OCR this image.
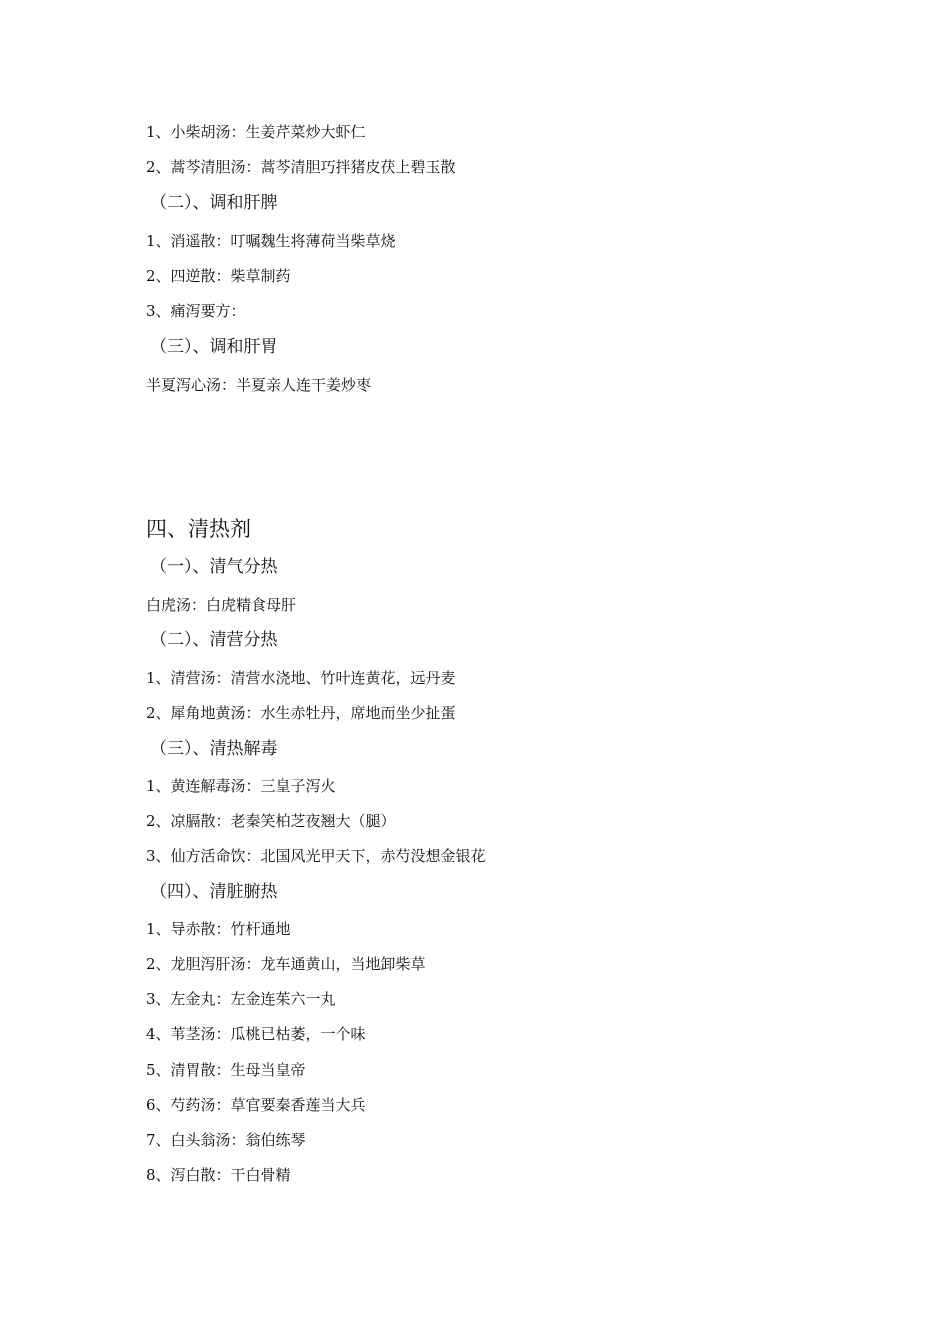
1、小柴胡汤：生姜芹菜炒大虾仁
2、蒿芩清胆汤：蒿芩清胆巧拌猪皮茯上碧玉散
（二）、调和肝脾
1、消遥散：叮嘱魏生将薄荷当柴草烧
2、四逆散：柴草制药
3、痛泻要方：
（三）、调和肝胃
半夏泻心汤：半夏亲人连干姜炒枣
四、清热剂
（一）、清气分热
白虎汤：白虎精食母肝
（二）、清营分热
1、清营汤：清营水浇地、竹叶连黄花，远丹麦
2、犀角地黄汤：水生赤牡丹，席地而坐少扯蛋
（三）、清热解毒
1、黄连解毒汤：三皇子泻火
2、凉膈散：老秦笑柏芝夜翘大（腿）
3、仙方活命饮：北国风光甲天下，赤芍没想金银花
（四）、清脏腑热
1、导赤散：竹杆通地
2、龙胆泻肝汤：龙车通黄山，当地卸柴草
3、左金丸：左金连茱六一丸
4、苇茎汤：瓜桃已枯萎，一个味
5、清胃散：生母当皇帝
6、芍药汤：草官要秦香莲当大兵
7、白头翁汤：翁伯练琴
8、泻白散：干白骨精
